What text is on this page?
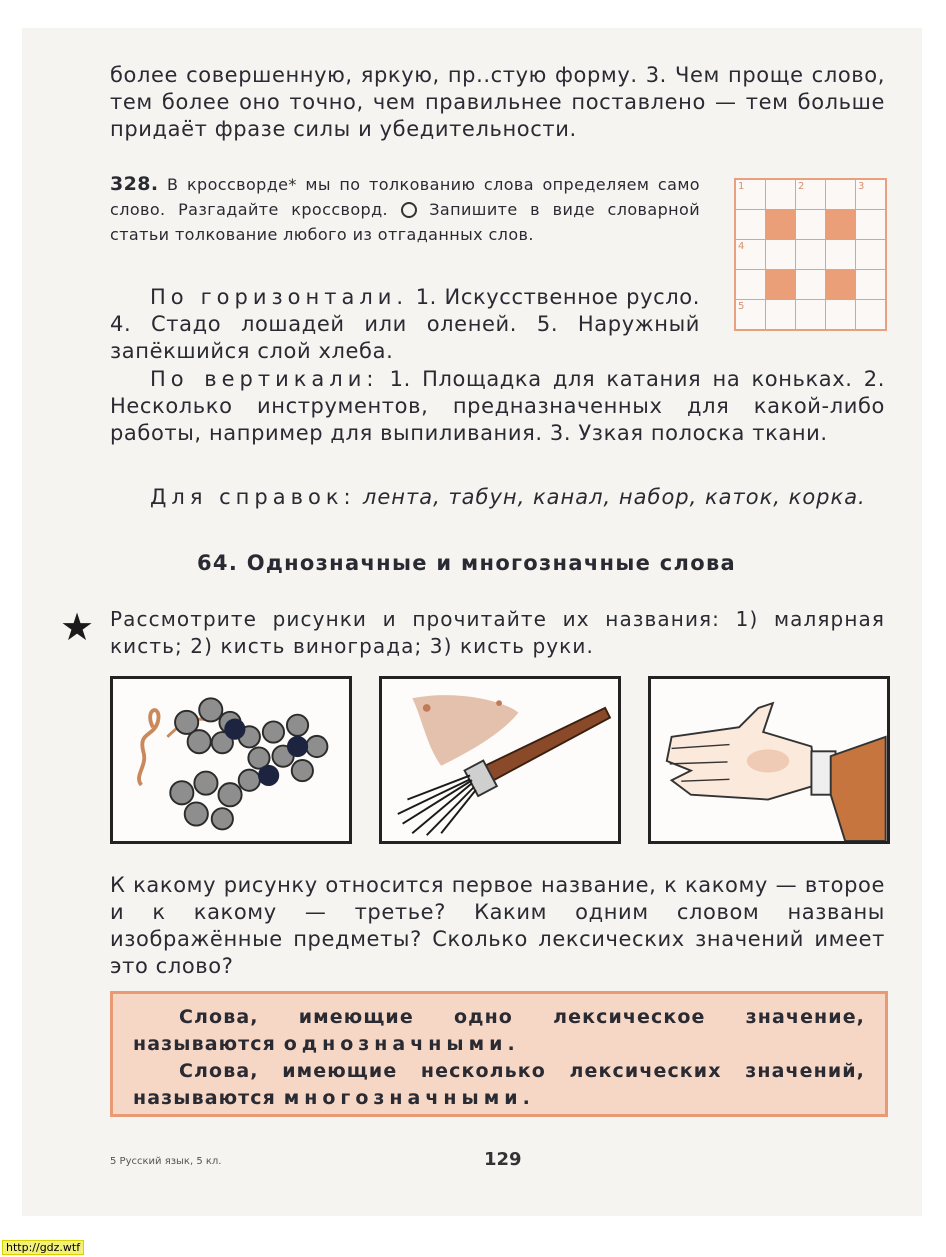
более совершенную, яркую, пр..стую форму. 3. Чем проще слово, тем более оно точно, чем правильнее поставлено — тем больше придаёт фразе силы и убедительности.

328. В кроссворде* мы по толкованию слова определяем само слово. Разгадайте кроссворд.	Запишите в виде словарной статьи толкование любого из отгаданных слов.

1		2		3

4				

5				

По горизонтали. 1. Искусственное русло. 4. Стадо лошадей или оленей. 5. Наружный запёкшийся слой хлеба.

По вертикали: 1. Площадка для катания на коньках. 2. Несколько инструментов, предназначенных для какой-либо работы, например для выпиливания. 3. Узкая полоска ткани.

Для справок: лента, табун, канал, набор, каток, корка.

64. Однозначные и многозначные слова
★ Рассмотрите рисунки и прочитайте их названия: 1) малярная кисть; 2) кисть винограда; 3) кисть руки.

К какому рисунку относится первое название, к какому — второе и к какому — третье? Каким одним словом названы изображённые предметы? Сколько лексических значений имеет это слово?

Слова, имеющие одно лексическое значение, называются однозначными.

Слова, имеющие несколько лексических значений, называются многозначными.

5 Русский язык, 5 кл.	129
http://gdz.wtf
